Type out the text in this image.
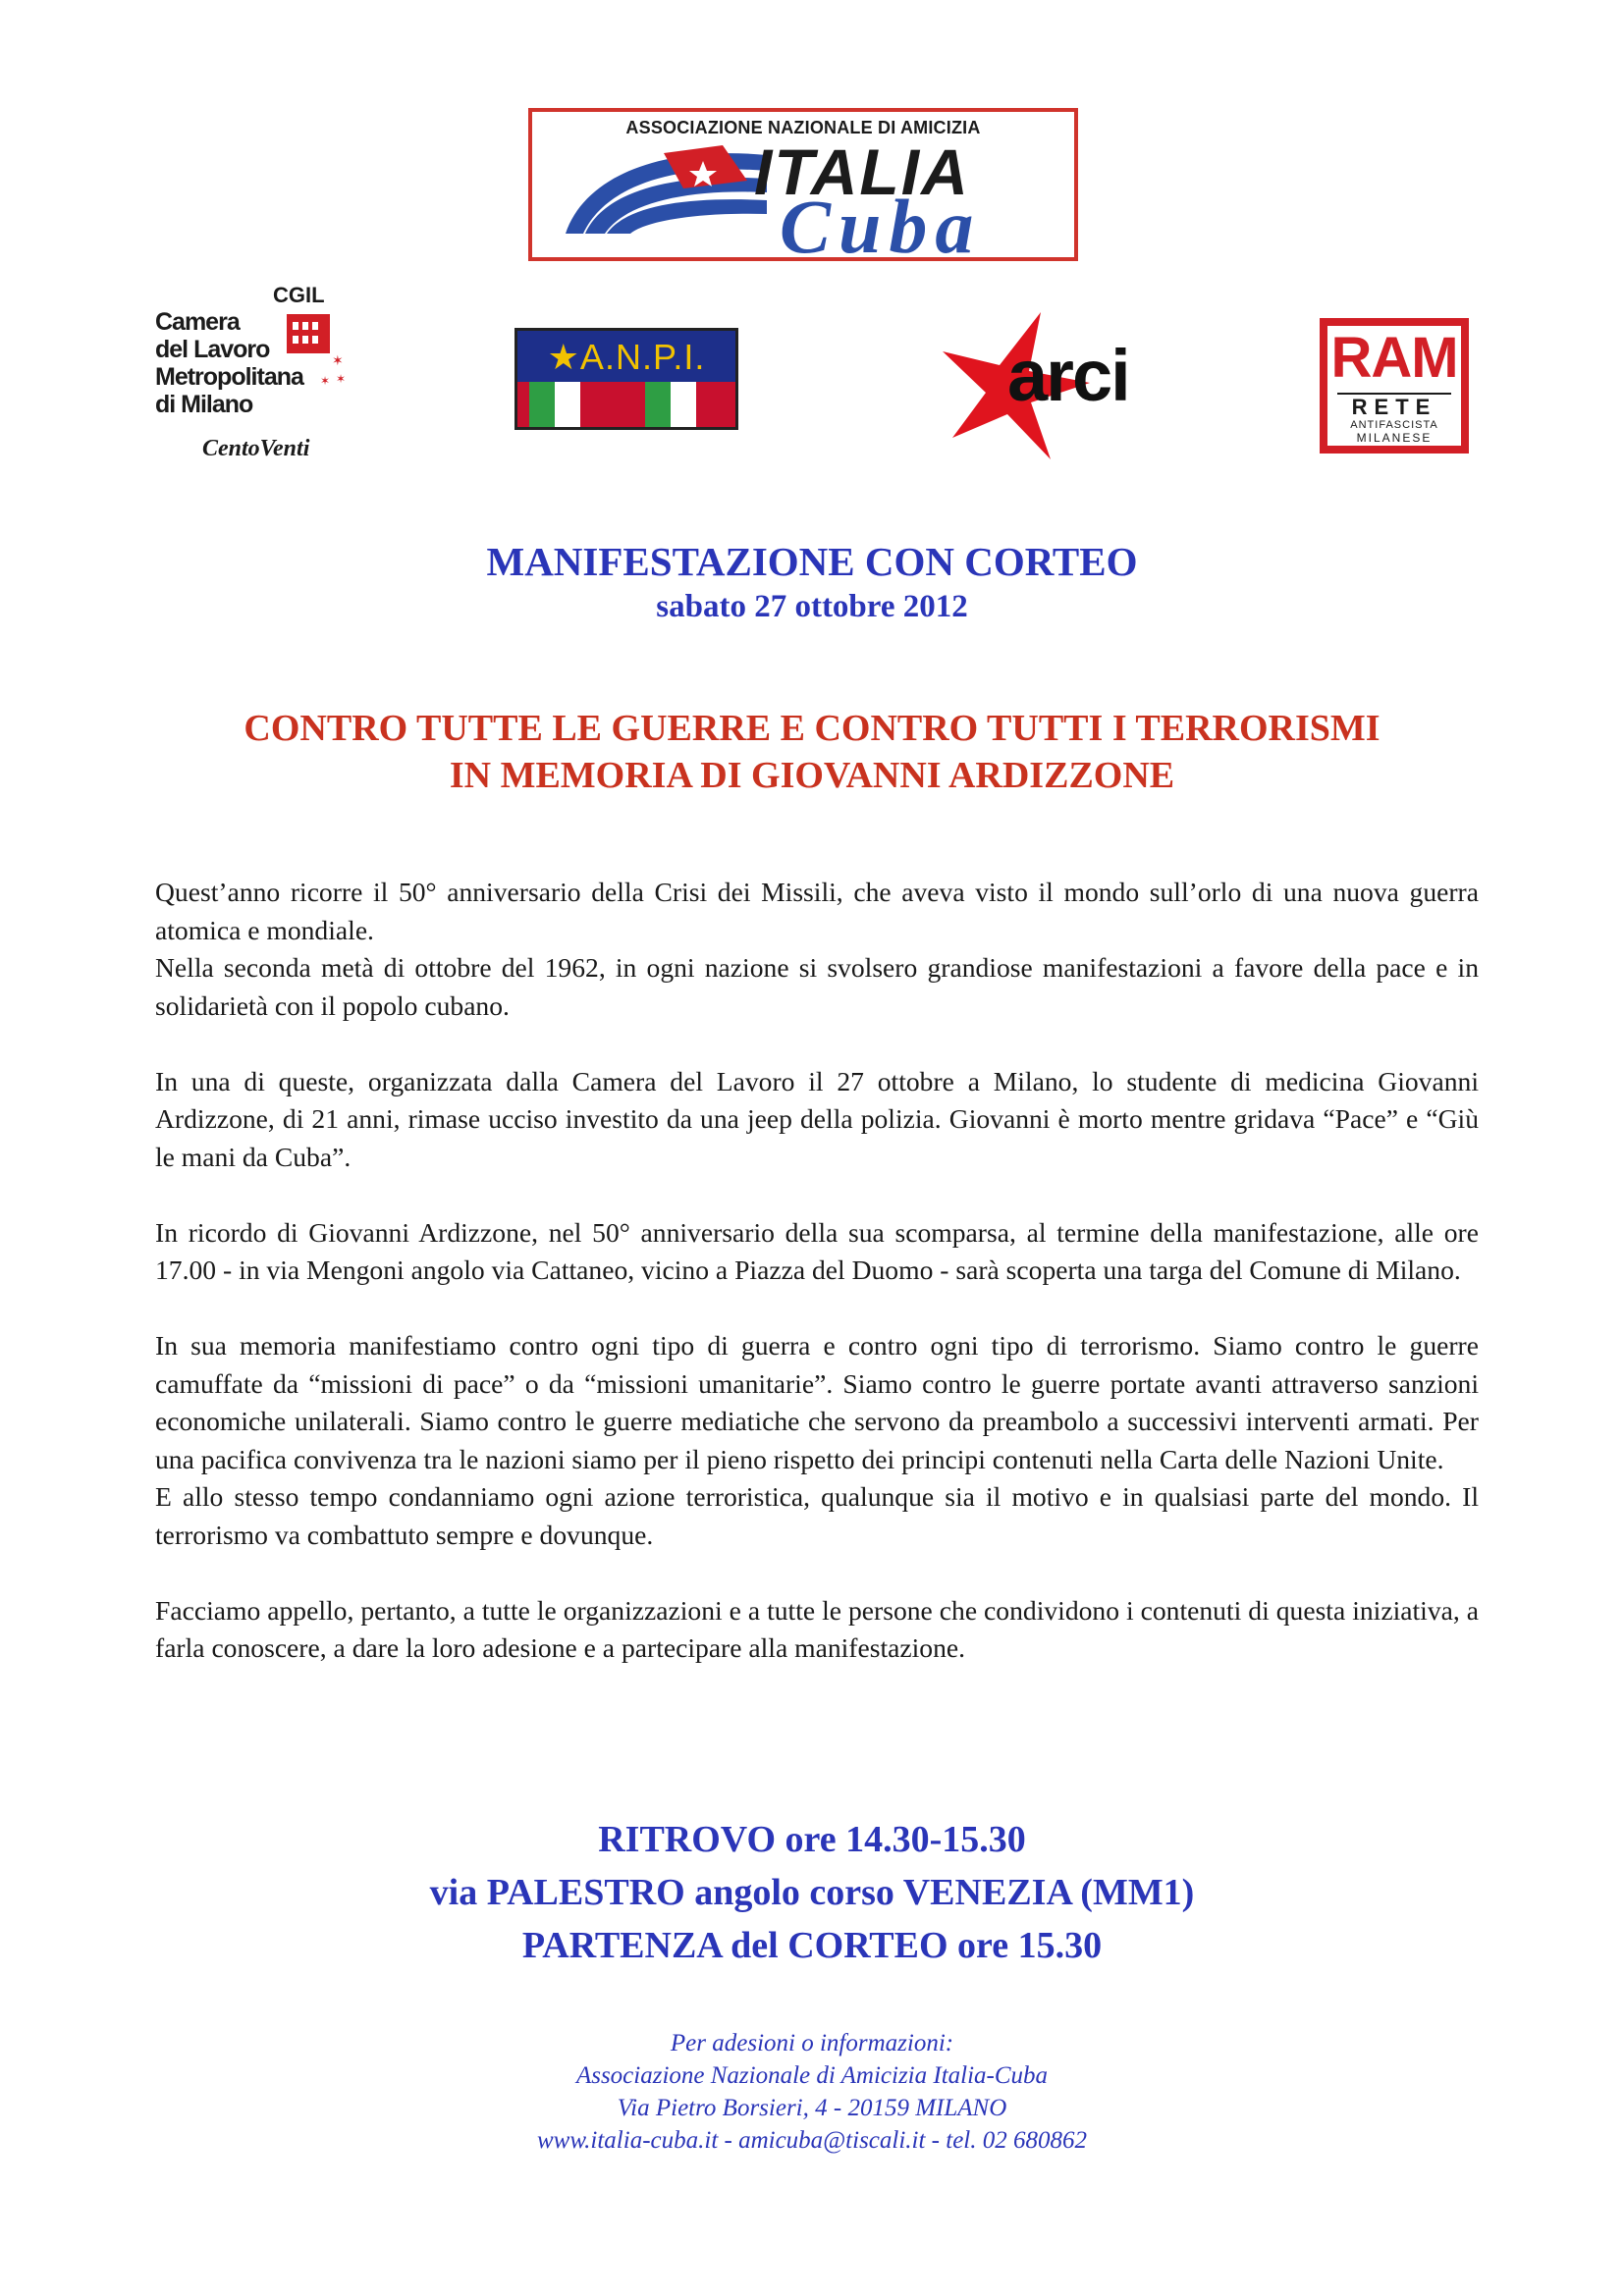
ASSOCIAZIONE NAZIONALE DI AMICIZIA
ITALIA
Cuba
CGIL
✶
✶
✶
Camera
del Lavoro
Metropolitana
di Milano
CentoVenti
★A.N.P.I.	arci	RAM
RETE
ANTIFASCISTA
MILANESE
MANIFESTAZIONE CON CORTEO
sabato 27 ottobre 2012
CONTRO TUTTE LE GUERRE E CONTRO TUTTI I TERRORISMI
IN MEMORIA DI GIOVANNI ARDIZZONE

Quest’anno ricorre il 50° anniversario della Crisi dei Missili, che aveva visto il mondo sull’orlo di una nuova guerra atomica e mondiale.
Nella seconda metà di ottobre del 1962, in ogni nazione si svolsero grandiose manifestazioni a favore della pace e in solidarietà con il popolo cubano.

In una di queste, organizzata dalla Camera del Lavoro il 27 ottobre a Milano, lo studente di medicina Giovanni Ardizzone, di 21 anni, rimase ucciso investito da una jeep della polizia. Giovanni è morto mentre gridava “Pace” e “Giù le mani da Cuba”.

In ricordo di Giovanni Ardizzone, nel 50° anniversario della sua scomparsa, al termine della manifestazione, alle ore 17.00 - in via Mengoni angolo via Cattaneo, vicino a Piazza del Duomo - sarà scoperta una targa del Comune di Milano.

In sua memoria manifestiamo contro ogni tipo di guerra e contro ogni tipo di terrorismo. Siamo contro le guerre camuffate da “missioni di pace” o da “missioni umanitarie”. Siamo contro le guerre portate avanti attraverso sanzioni economiche unilaterali. Siamo contro le guerre mediatiche che servono da preambolo a successivi interventi armati. Per una pacifica convivenza tra le nazioni siamo per il pieno rispetto dei principi contenuti nella Carta delle Nazioni Unite.
E allo stesso tempo condanniamo ogni azione terroristica, qualunque sia il motivo e in qualsiasi parte del mondo. Il terrorismo va combattuto sempre e dovunque.

Facciamo appello, pertanto, a tutte le organizzazioni e a tutte le persone che condividono i contenuti di questa iniziativa, a farla conoscere, a dare la loro adesione e a partecipare alla manifestazione.

RITROVO ore 14.30-15.30
via PALESTRO angolo corso VENEZIA (MM1)
PARTENZA del CORTEO ore 15.30
Per adesioni o informazioni:
Associazione Nazionale di Amicizia Italia-Cuba
Via Pietro Borsieri, 4 - 20159 MILANO
www.italia-cuba.it - amicuba@tiscali.it - tel. 02 680862
